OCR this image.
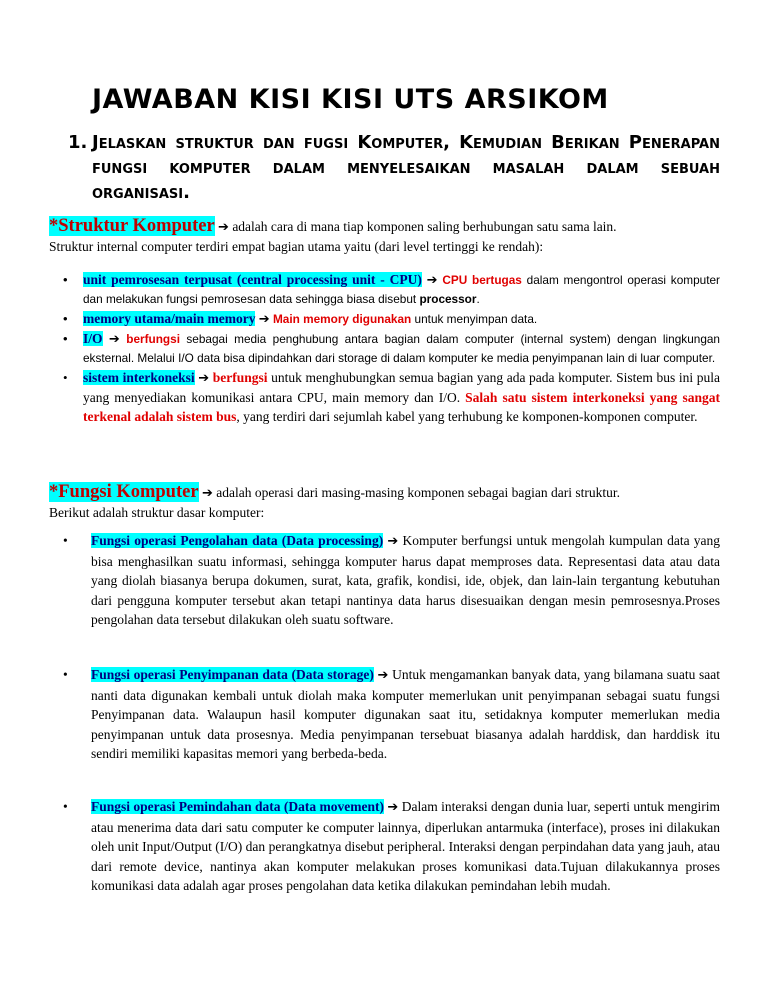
JAWABAN KISI KISI UTS ARSIKOM
1. Jelaskan struktur dan fugsi Komputer, Kemudian Berikan Penerapan fungsi komputer dalam menyelesaikan masalah dalam sebuah organisasi.
*Struktur Komputer ➔ adalah cara di mana tiap komponen saling berhubungan satu sama lain.
Struktur internal computer terdiri empat bagian utama yaitu (dari level tertinggi ke rendah):
• unit pemrosesan terpusat (central processing unit - CPU) ➔ CPU bertugas dalam mengontrol operasi komputer dan melakukan fungsi pemrosesan data sehingga biasa disebut processor.
• memory utama/main memory ➔ Main memory digunakan untuk menyimpan data.
• I/O ➔ berfungsi sebagai media penghubung antara bagian dalam computer (internal system) dengan lingkungan eksternal. Melalui I/O data bisa dipindahkan dari storage di dalam komputer ke media penyimpanan lain di luar computer.
• sistem interkoneksi ➔ berfungsi untuk menghubungkan semua bagian yang ada pada komputer. Sistem bus ini pula yang menyediakan komunikasi antara CPU, main memory dan I/O. Salah satu sistem interkoneksi yang sangat terkenal adalah sistem bus, yang terdiri dari sejumlah kabel yang terhubung ke komponen-komponen computer.
*Fungsi Komputer ➔ adalah operasi dari masing-masing komponen sebagai bagian dari struktur.
Berikut adalah struktur dasar komputer:
• Fungsi operasi Pengolahan data (Data processing) ➔ Komputer berfungsi untuk mengolah kumpulan data yang bisa menghasilkan suatu informasi, sehingga komputer harus dapat memproses data. Representasi data atau data yang diolah biasanya berupa dokumen, surat, kata, grafik, kondisi, ide, objek, dan lain-lain tergantung kebutuhan dari pengguna komputer tersebut akan tetapi nantinya data harus disesuaikan dengan mesin pemrosesnya.Proses pengolahan data tersebut dilakukan oleh suatu software.
• Fungsi operasi Penyimpanan data (Data storage) ➔ Untuk mengamankan banyak data, yang bilamana suatu saat nanti data digunakan kembali untuk diolah maka komputer memerlukan unit penyimpanan sebagai suatu fungsi Penyimpanan data. Walaupun hasil komputer digunakan saat itu, setidaknya komputer memerlukan media penyimpanan untuk data prosesnya. Media penyimpanan tersebuat biasanya adalah harddisk, dan harddisk itu sendiri memiliki kapasitas memori yang berbeda-beda.
• Fungsi operasi Pemindahan data (Data movement) ➔ Dalam interaksi dengan dunia luar, seperti untuk mengirim atau menerima data dari satu computer ke computer lainnya, diperlukan antarmuka (interface), proses ini dilakukan oleh unit Input/Output (I/O) dan perangkatnya disebut peripheral. Interaksi dengan perpindahan data yang jauh, atau dari remote device, nantinya akan komputer melakukan proses komunikasi data.Tujuan dilakukannya proses komunikasi data adalah agar proses pengolahan data ketika dilakukan pemindahan lebih mudah.
